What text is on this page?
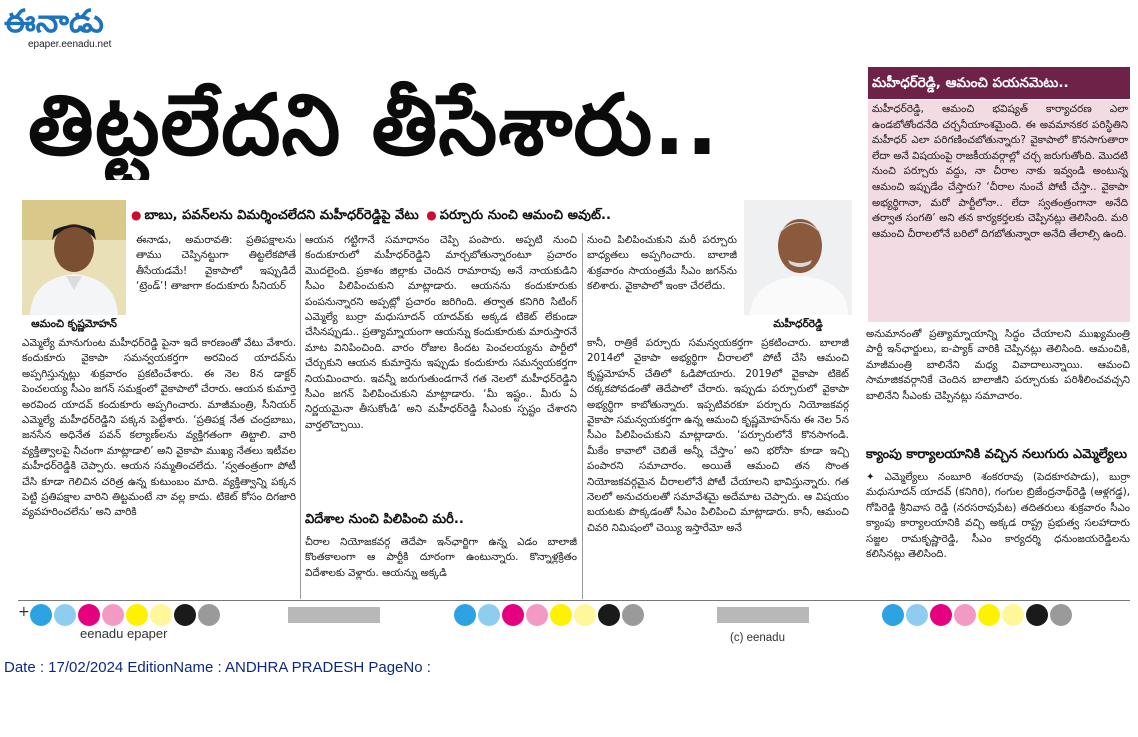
ఈనాడు
epaper.eenadu.net
తిట్టలేదని తీసేశారు..
● బాబు, పవన్‌లను విమర్శించలేదని మహీధర్‌రెడ్డిపై వేటు ● పర్చూరు నుంచి ఆమంచి అవుట్‌..
ఆమంచి కృష్ణమోహన్‌	మహీధర్‌రెడ్డి
ఈనాడు, అమరావతి: ప్రతిపక్షాలను తాము చెప్పినట్టుగా తిట్టలేకపోతే తీసేయడమే! వైకాపాలో ఇప్పుడిదే ‘ట్రెండ్‌’! తాజాగా కందుకూరు సీనియర్‌
ఎమ్మెల్యే మానుగుంట మహీధర్‌రెడ్డి పైనా ఇదే కారణంతో వేటు వేశారు. కందుకూరు వైకాపా సమన్వయకర్తగా అరవింద యాదవ్‌ను అప్పగిస్తున్నట్లు శుక్రవారం ప్రకటించేశారు. ఈ నెల 8న డాక్టర్‌ పెంచలయ్య సీఎం జగన్‌ సమక్షంలో వైకాపాలో చేరారు. ఆయన కుమార్తె అరవింద యాదవ్‌ కందుకూరు అప్పగించారు. మాజీమంత్రి, సీనియర్‌ ఎమ్మెల్యే మహీధర్‌రెడ్డిని పక్కన పెట్టేశారు. ‘ప్రతిపక్ష నేత చంద్రబాబు, జనసేన అధినేత పవన్‌ కల్యాణ్‌లను వ్యక్తిగతంగా తిట్టాలి. వారి వ్యక్తిత్వాలపై నీచంగా మాట్లాడాలి’ అని వైకాపా ముఖ్య నేతలు ఇటీవల మహీధర్‌రెడ్డికి చెప్పారు. ఆయన సమ్మతించలేదు. ‘స్వతంత్రంగా పోటీ చేసి కూడా గెలిచిన చరిత్ర ఉన్న కుటుంబం మాది. వ్యక్తిత్వాన్ని పక్కన పెట్టి ప్రతిపక్షాల వారిని తిట్టమంటే నా వల్ల కాదు. టికెట్‌ కోసం దిగజారి వ్యవహరించలేను’ అని వారికి
ఆయన గట్టిగానే సమాధానం చెప్పి పంపారు. అప్పటి నుంచి కందుకూరులో మహీధర్‌రెడ్డిని మార్చబోతున్నారంటూ ప్రచారం మొదలైంది. ప్రకాశం జిల్లాకు చెందిన రామారావు అనే నాయకుడిని సీఎం పిలిపించుకుని మాట్లాడారు. ఆయనను కందుకూరుకు పంపనున్నారని అప్పట్లో ప్రచారం జరిగింది. తర్వాత కనిగిరి సిటింగ్‌ ఎమ్మెల్యే బుర్రా మధుసూదన్‌ యాదవ్‌కు అక్కడ టికెట్‌ లేకుండా చేసినప్పుడు.. ప్రత్యామ్నాయంగా ఆయన్ను కందుకూరుకు మారుస్తారనే మాట వినిపించింది. వారం రోజుల కిందట పెంచలయ్యను పార్టీలో చేర్చుకుని ఆయన కుమార్తెను ఇప్పుడు కందుకూరు సమన్వయకర్తగా నియమించారు. ఇవన్నీ జరుగుతుండగానే గత నెలలో మహీధర్‌రెడ్డిని సీఎం జగన్‌ పిలిపించుకుని మాట్లాడారు. ‘మీ ఇష్టం.. మీరు ఏ నిర్ణయమైనా తీసుకోండి’ అని మహీధర్‌రెడ్డి సీఎంకు స్పష్టం చేశారని వార్తలొచ్చాయి.
విదేశాల నుంచి పిలిపించి మరీ..
చీరాల నియోజకవర్గ తెదేపా ఇన్‌ఛార్జిగా ఉన్న ఎడం బాలాజీ కొంతకాలంగా ఆ పార్టీకి దూరంగా ఉంటున్నారు. కొన్నాళ్లక్రితం విదేశాలకు వెళ్లారు. ఆయన్ను అక్కడి
నుంచి పిలిపించుకుని మరీ పర్చూరు బాధ్యతలు అప్పగించారు. బాలాజీ శుక్రవారం సాయంత్రమే సీఎం జగన్‌ను కలిశారు. వైకాపాలో ఇంకా చేరలేదు.
కానీ, రాత్రికే పర్చూరు సమన్వయకర్తగా ప్రకటించారు. బాలాజీ 2014లో వైకాపా అభ్యర్థిగా చీరాలలో పోటీ చేసి ఆమంచి కృష్ణమోహన్‌ చేతిలో ఓడిపోయారు. 2019లో వైకాపా టికెట్‌ దక్కకపోవడంతో తెదేపాలో చేరారు. ఇప్పుడు పర్చూరులో వైకాపా అభ్యర్థిగా కాబోతున్నారు. ఇప్పటివరకూ పర్చూరు నియోజకవర్గ వైకాపా సమన్వయకర్తగా ఉన్న ఆమంచి కృష్ణమోహన్‌ను ఈ నెల 5న సీఎం పిలిపించుకుని మాట్లాడారు. ‘పర్చూరులోనే కొనసాగండి. మీకేం కావాలో చెబితే అన్నీ చేస్తాం’ అని భరోసా కూడా ఇచ్చి పంపారని సమాచారం. అయితే ఆమంచి తన సొంత నియోజకవర్గమైన చీరాలలోనే పోటీ చేయాలని భావిస్తున్నారు. గత నెలలో అనుచరులతో సమావేశమై అదేమాట చెప్పారు. ఆ విషయం బయటకు పొక్కడంతో సీఎం పిలిపించి మాట్లాడారు. కానీ, ఆమంచి చివరి నిమిషంలో చెయ్యి ఇస్తారేమో అనే
మహీధర్‌రెడ్డి, ఆమంచి పయనమెటు..
మహీధర్‌రెడ్డి, ఆమంచి భవిష్యత్‌ కార్యాచరణ ఎలా ఉండబోతోందనేది చర్చనీయాంశమైంది. ఈ అవమానకర పరిస్థితిని మహీధర్‌ ఎలా పరిగణించబోతున్నారు? వైకాపాలో కొనసాగుతారా లేదా అనే విషయంపై రాజకీయవర్గాల్లో చర్చ జరుగుతోంది. మొదటి నుంచి పర్చూరు వద్దు, నా చీరాల నాకు ఇవ్వండి అంటున్న ఆమంచి ఇప్పుడేం చేస్తారు? ‘చీరాల నుంచే పోటీ చేస్తా.. వైకాపా అభ్యర్థిగానా, మరో పార్టీలోనా.. లేదా స్వతంత్రంగానా అనేది తర్వాత సంగతి’ అని తన కార్యకర్తలకు చెప్పినట్లు తెలిసింది. మరి ఆమంచి చీరాలలోనే బరిలో దిగబోతున్నారా అనేది తేలాల్సి ఉంది.
అనుమానంతో ప్రత్యామ్నాయాన్ని సిద్ధం చేయాలని ముఖ్యమంత్రి పార్టీ ఇన్‌ఛార్జులు, ఐ-ప్యాక్‌ వారికి చెప్పినట్లు తెలిసింది. ఆమంచికి, మాజీమంత్రి బాలినేని మధ్య వివాదాలున్నాయి. ఆమంచి సామాజికవర్గానికే చెందిన బాలాజీని పర్చూరుకు పరిశీలించవచ్చని బాలినేని సీఎంకు చెప్పినట్లు సమాచారం.
క్యాంపు కార్యాలయానికి వచ్చిన నలుగురు ఎమ్మెల్యేలు
✦ ఎమ్మెల్యేలు నంబూరి శంకరరావు (పెదకూరపాడు), బుర్రా మధుసూదన్‌ యాదవ్‌ (కనిగిరి), గంగుల బ్రిజేంద్రనాథ్‌రెడ్డి (ఆళ్లగడ్డ), గోపిరెడ్డి శ్రీనివాస రెడ్డి (నరసరావుపేట) తదితరులు శుక్రవారం సీఎం క్యాంపు కార్యాలయానికి వచ్చి అక్కడ రాష్ట్ర ప్రభుత్వ సలహాదారు సజ్జల రామకృష్ణారెడ్డి, సీఎం కార్యదర్శి ధనుంజయరెడ్డిలను కలిసినట్లు తెలిసింది.
+
eenadu epaper	(c) eenadu
Date : 17/02/2024 EditionName : ANDHRA PRADESH PageNo :
